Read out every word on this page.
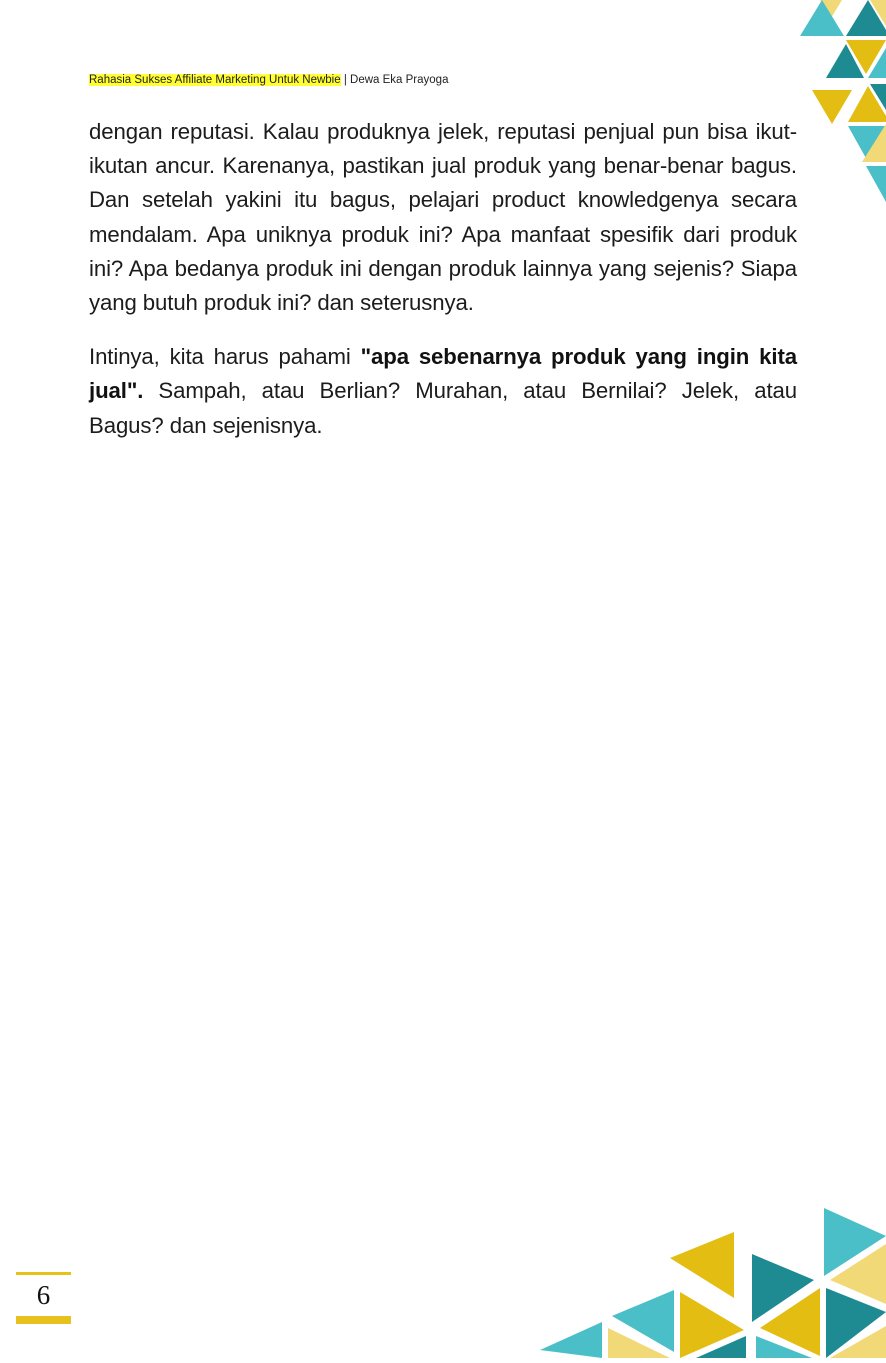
Rahasia Sukses Affiliate Marketing Untuk Newbie | Dewa Eka Prayoga

dengan reputasi. Kalau produknya jelek, reputasi penjual pun bisa ikut-ikutan ancur. Karenanya, pastikan jual produk yang benar-benar bagus. Dan setelah yakini itu bagus, pelajari product knowledgenya secara mendalam. Apa uniknya produk ini? Apa manfaat spesifik dari produk ini? Apa bedanya produk ini dengan produk lainnya yang sejenis? Siapa yang butuh produk ini? dan seterusnya.

Intinya, kita harus pahami "apa sebenarnya produk yang ingin kita jual". Sampah, atau Berlian? Murahan, atau Bernilai? Jelek, atau Bagus? dan sejenisnya.

6
